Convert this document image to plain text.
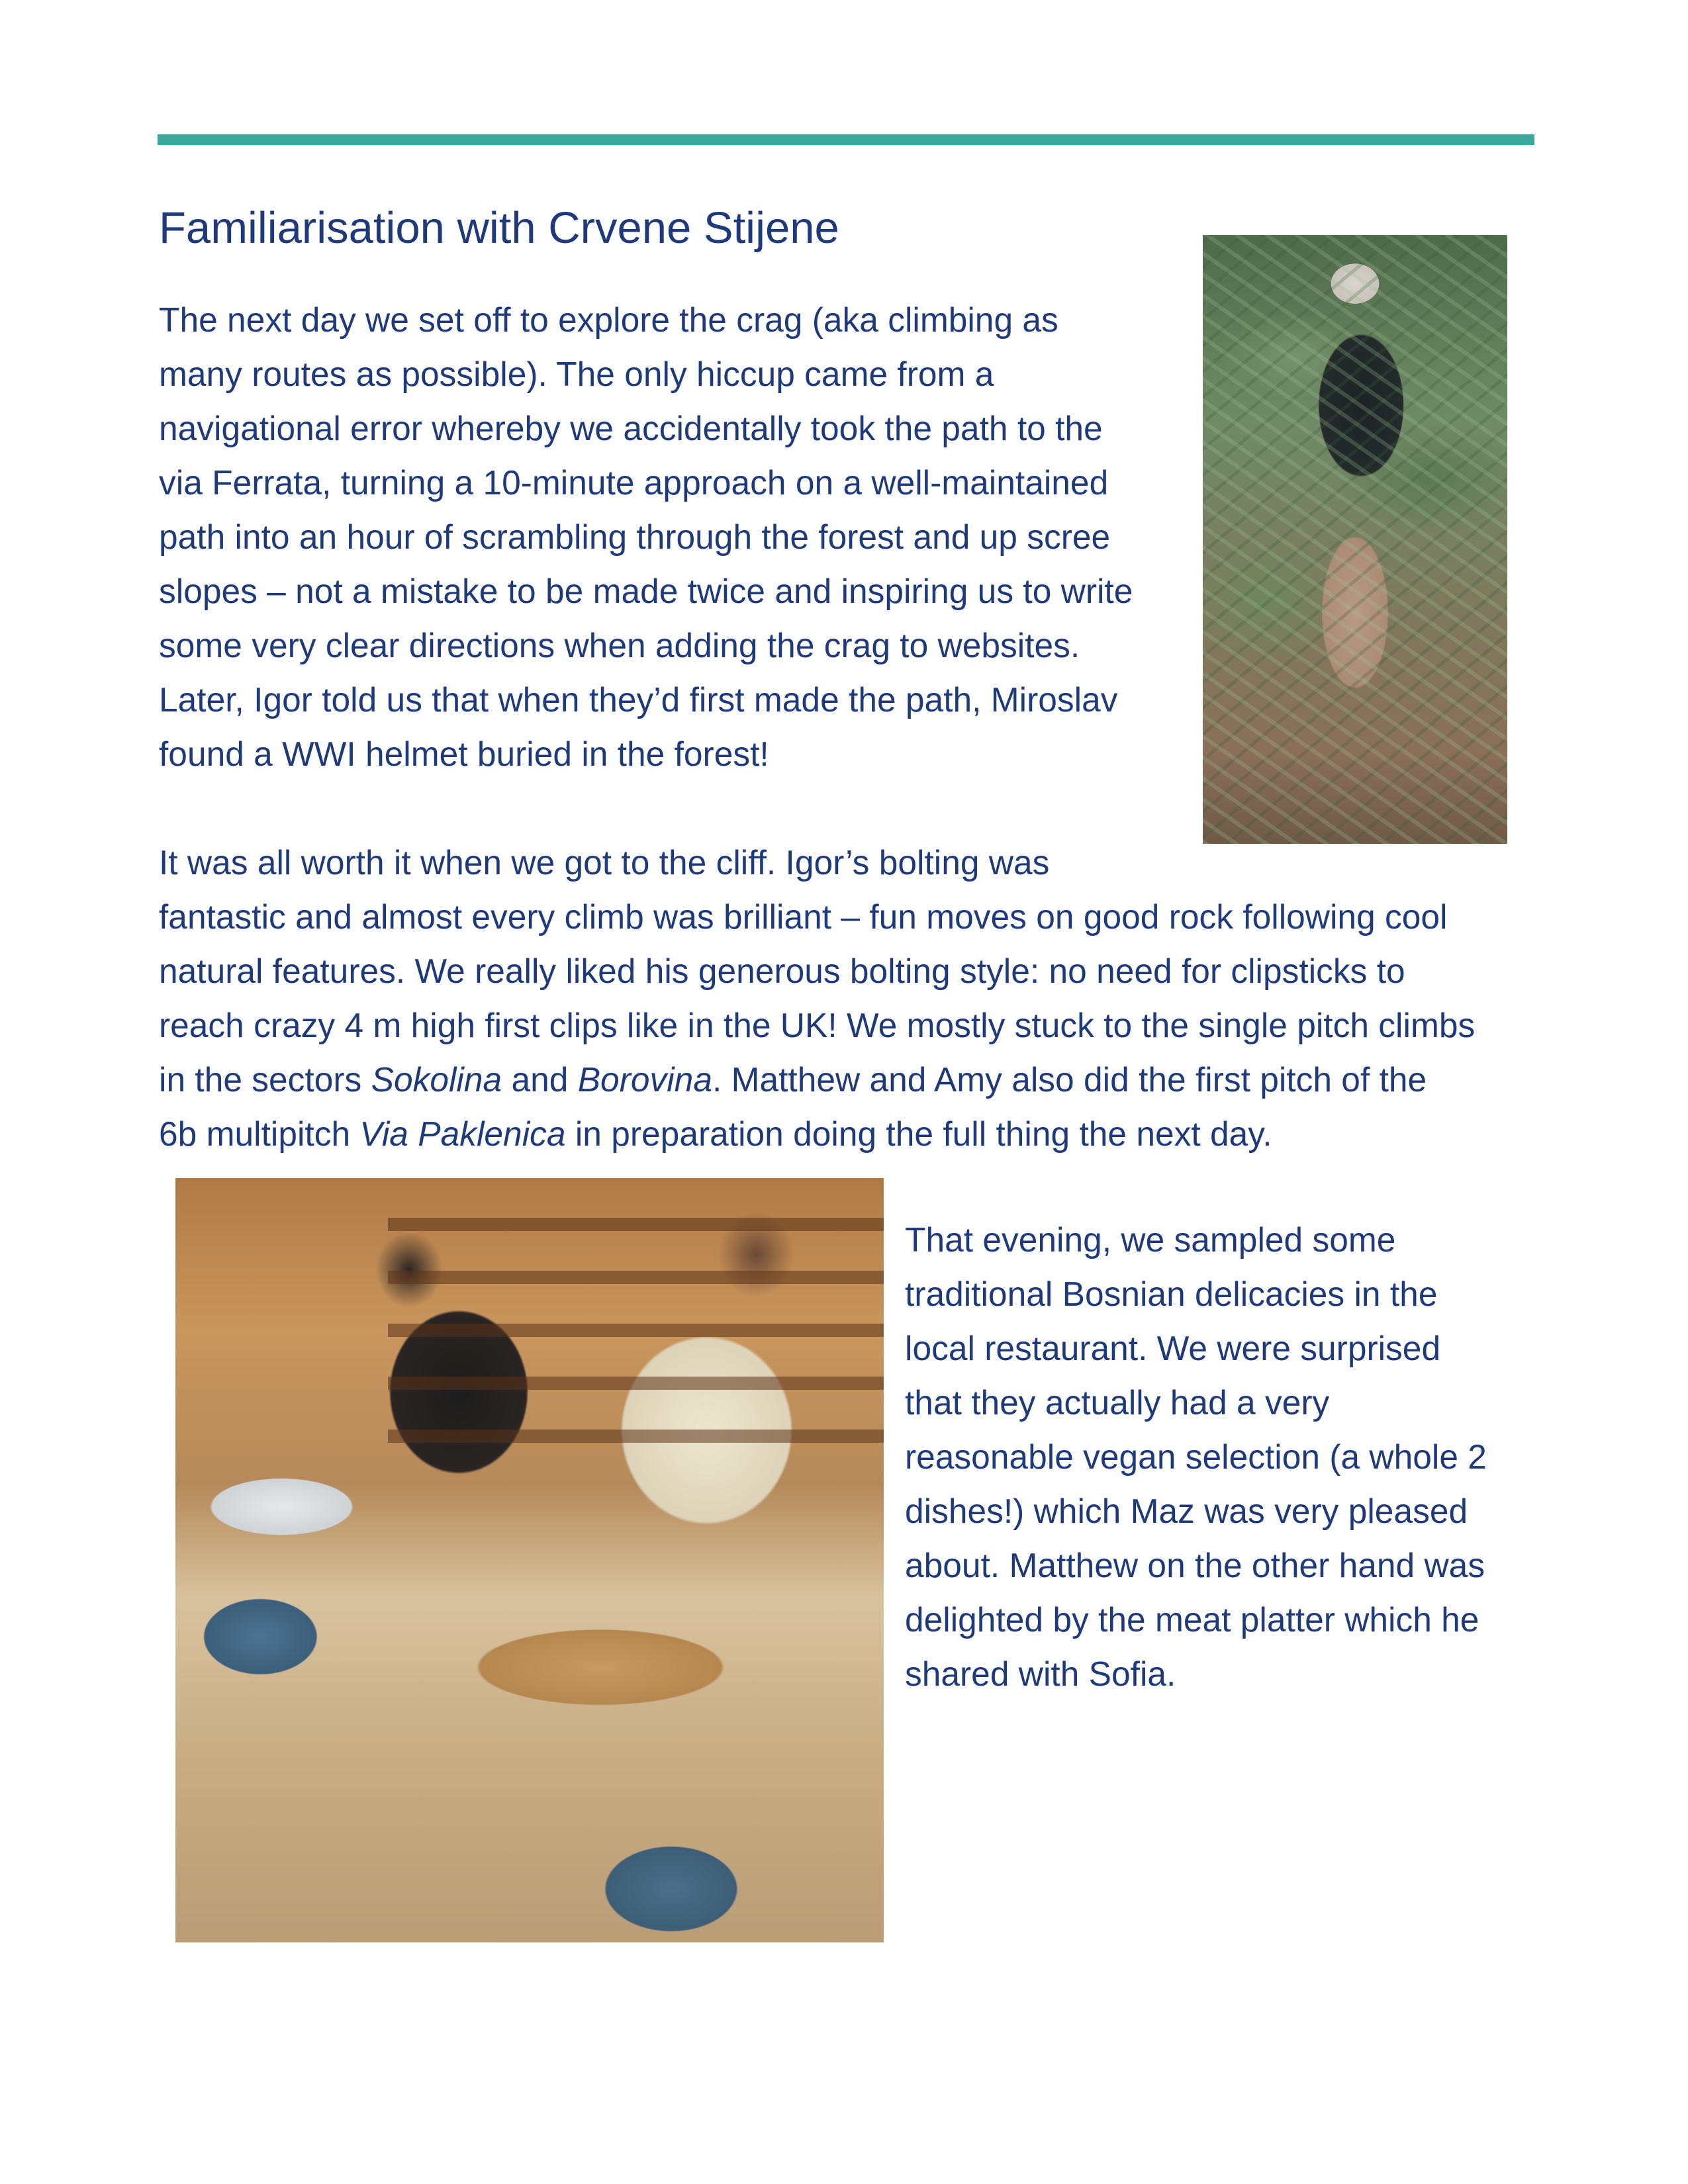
Familiarisation with Crvene Stijene

The next day we set off to explore the crag (aka climbing as
many routes as possible). The only hiccup came from a
navigational error whereby we accidentally took the path to the
via Ferrata, turning a 10-minute approach on a well-maintained
path into an hour of scrambling through the forest and up scree
slopes – not a mistake to be made twice and inspiring us to write
some very clear directions when adding the crag to websites.
Later, Igor told us that when they’d first made the path, Miroslav
found a WWI helmet buried in the forest!

It was all worth it when we got to the cliff. Igor’s bolting was
fantastic and almost every climb was brilliant – fun moves on good rock following cool
natural features. We really liked his generous bolting style: no need for clipsticks to
reach crazy 4 m high first clips like in the UK! We mostly stuck to the single pitch climbs
in the sectors Sokolina and Borovina. Matthew and Amy also did the first pitch of the
6b multipitch Via Paklenica in preparation doing the full thing the next day.

That evening, we sampled some
traditional Bosnian delicacies in the
local restaurant. We were surprised
that they actually had a very
reasonable vegan selection (a whole 2
dishes!) which Maz was very pleased
about. Matthew on the other hand was
delighted by the meat platter which he
shared with Sofia.
